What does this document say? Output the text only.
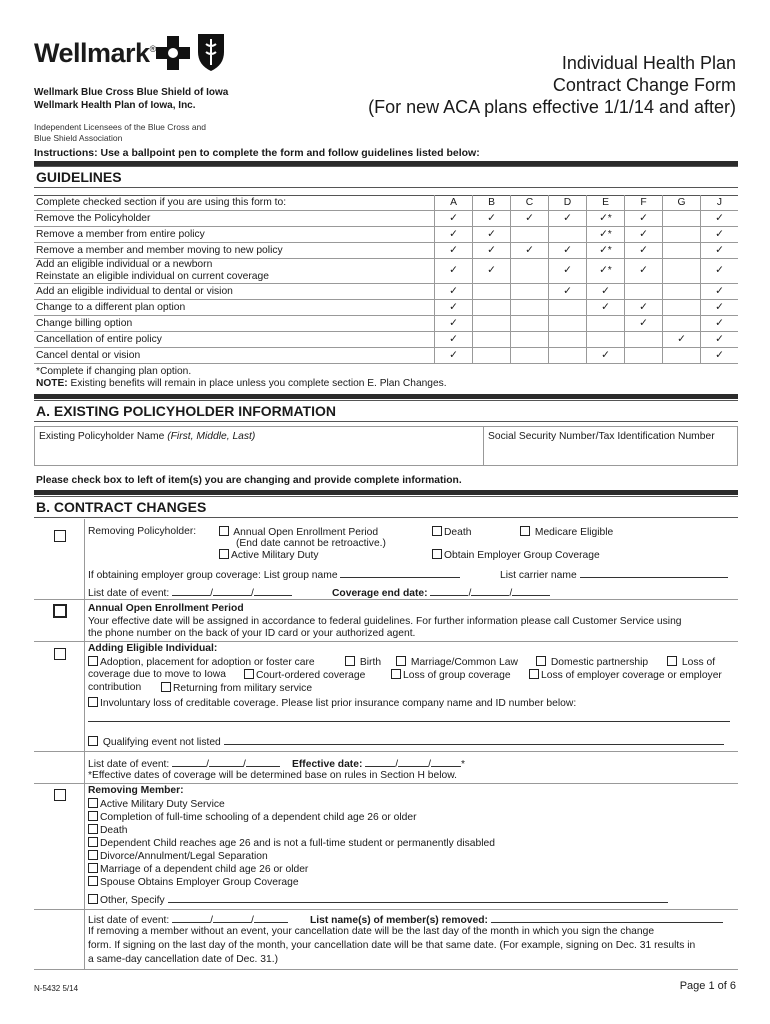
Wellmark®
Wellmark Blue Cross Blue Shield of Iowa
Wellmark Health Plan of Iowa, Inc.
Independent Licensees of the Blue Cross and
Blue Shield Association
Individual Health Plan
Contract Change Form
(For new ACA plans effective 1/1/14 and after)
Instructions: Use a ballpoint pen to complete the form and follow guidelines listed below:
GUIDELINES
Complete checked section if you are using this form to:	A	B	C	D	E	F	G	J

Remove the Policyholder	✓	✓	✓	✓	✓*	✓		✓

Remove a member from entire policy	✓	✓			✓*	✓		✓

Remove a member and member moving to new policy	✓	✓	✓	✓	✓*	✓		✓

Add an eligible individual or a newborn
Reinstate an eligible individual on current coverage	✓	✓		✓	✓*	✓		✓

Add an eligible individual to dental or vision	✓			✓	✓			✓

Change to a different plan option	✓				✓	✓		✓

Change billing option	✓					✓		✓

Cancellation of entire policy	✓						✓	✓

Cancel dental or vision	✓				✓			✓
*Complete if changing plan option.
NOTE: Existing benefits will remain in place unless you complete section E. Plan Changes.
A. EXISTING POLICYHOLDER INFORMATION
Existing Policyholder Name (First, Middle, Last)	Social Security Number/Tax Identification Number
Please check box to left of item(s) you are changing and provide complete information.
B. CONTRACT CHANGES
Removing Policyholder:	Annual Open Enrollment Period
(End date cannot be retroactive.)
Active Military Duty
Death	Medicare Eligible
Obtain Employer Group Coverage
If obtaining employer group coverage: List group name	List carrier name
List date of event:	/	/	Coverage end date:	/	/
Annual Open Enrollment Period
Your effective date will be assigned in accordance to federal guidelines. For further information please call Customer Service using
the phone number on the back of your ID card or your authorized agent.
Adding Eligible Individual:
Adoption, placement for adoption or foster care	Birth	Marriage/Common Law	Domestic partnership	Loss of
coverage due to move to Iowa	Court-ordered coverage	Loss of group coverage	Loss of employer coverage or employer
contribution	Returning from military service
Involuntary loss of creditable coverage. Please list prior insurance company name and ID number below:
Qualifying event not listed
List date of event:	/	/	Effective date:	/	/	*
*Effective dates of coverage will be determined base on rules in Section H below.
Removing Member:
Active Military Duty Service
Completion of full-time schooling of a dependent child age 26 or older
Death
Dependent Child reaches age 26 and is not a full-time student or permanently disabled
Divorce/Annulment/Legal Separation
Marriage of a dependent child age 26 or older
Spouse Obtains Employer Group Coverage
Other, Specify
List date of event:	/	/	List name(s) of member(s) removed:
If removing a member without an event, your cancellation date will be the last day of the month in which you sign the change
form. If signing on the last day of the month, your cancellation date will be that same date. (For example, signing on Dec. 31 results in
a same-day cancellation date of Dec. 31.)
N-5432 5/14	Page 1 of 6
